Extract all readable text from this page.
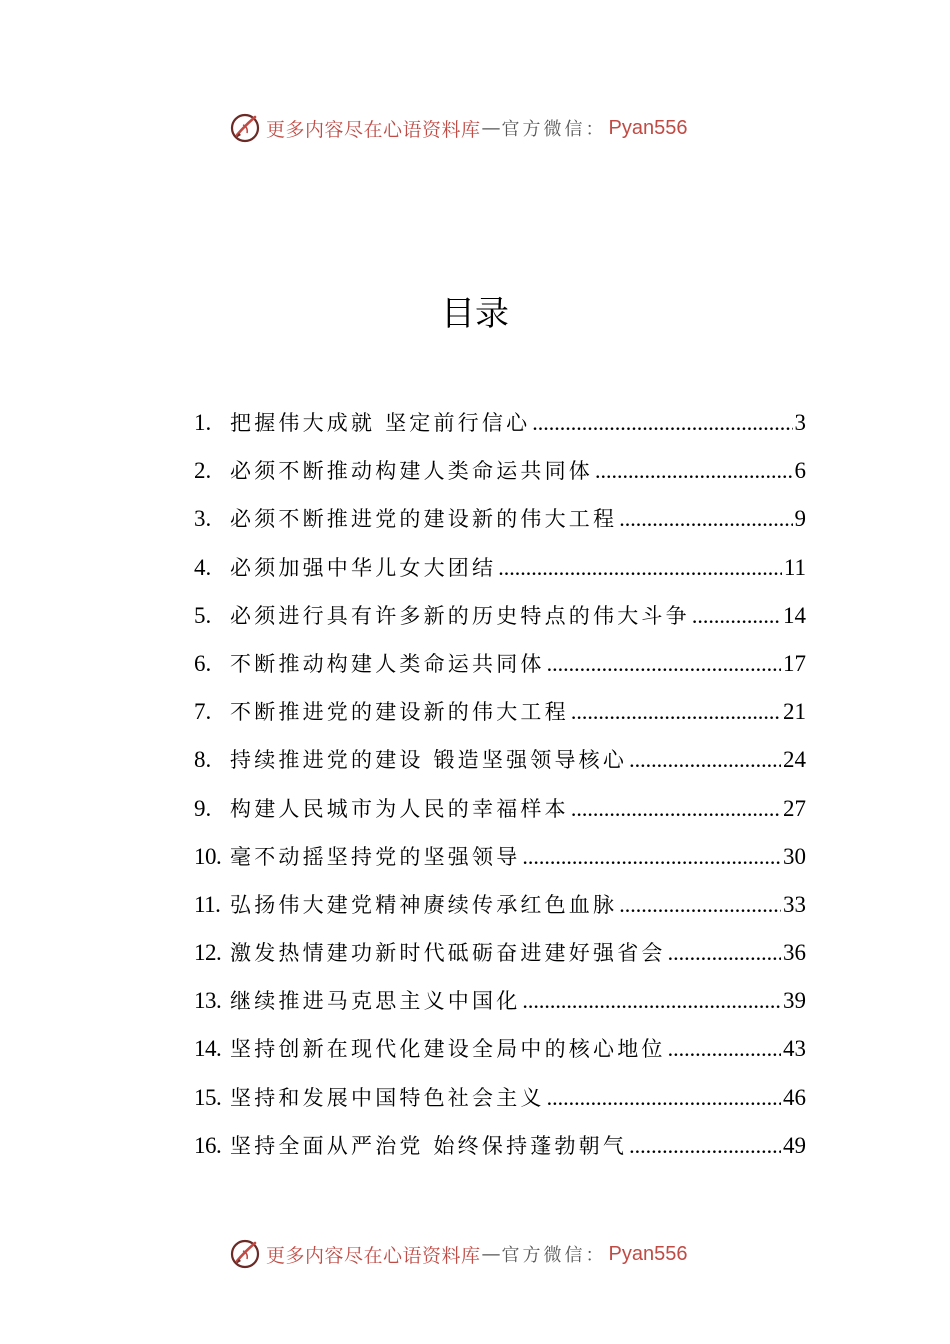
更多内容尽在心语资料库 — 官方微信： Pyan556
目录
1. 把握伟大成就 坚定前行信心 .....	3
2. 必须不断推动构建人类命运共同体 .....	6
3. 必须不断推进党的建设新的伟大工程 .....	9
4. 必须加强中华儿女大团结 .....	11
5. 必须进行具有许多新的历史特点的伟大斗争 .....	14
6. 不断推动构建人类命运共同体 .....	17
7. 不断推进党的建设新的伟大工程 .....	21
8. 持续推进党的建设 锻造坚强领导核心 .....	24
9. 构建人民城市为人民的幸福样本 .....	27
10. 毫不动摇坚持党的坚强领导 .....	30
11. 弘扬伟大建党精神赓续传承红色血脉 .....	33
12. 激发热情建功新时代砥砺奋进建好强省会 .....	36
13. 继续推进马克思主义中国化 .....	39
14. 坚持创新在现代化建设全局中的核心地位 .....	43
15. 坚持和发展中国特色社会主义 .....	46
16. 坚持全面从严治党 始终保持蓬勃朝气 .....	49
更多内容尽在心语资料库 — 官方微信： Pyan556
